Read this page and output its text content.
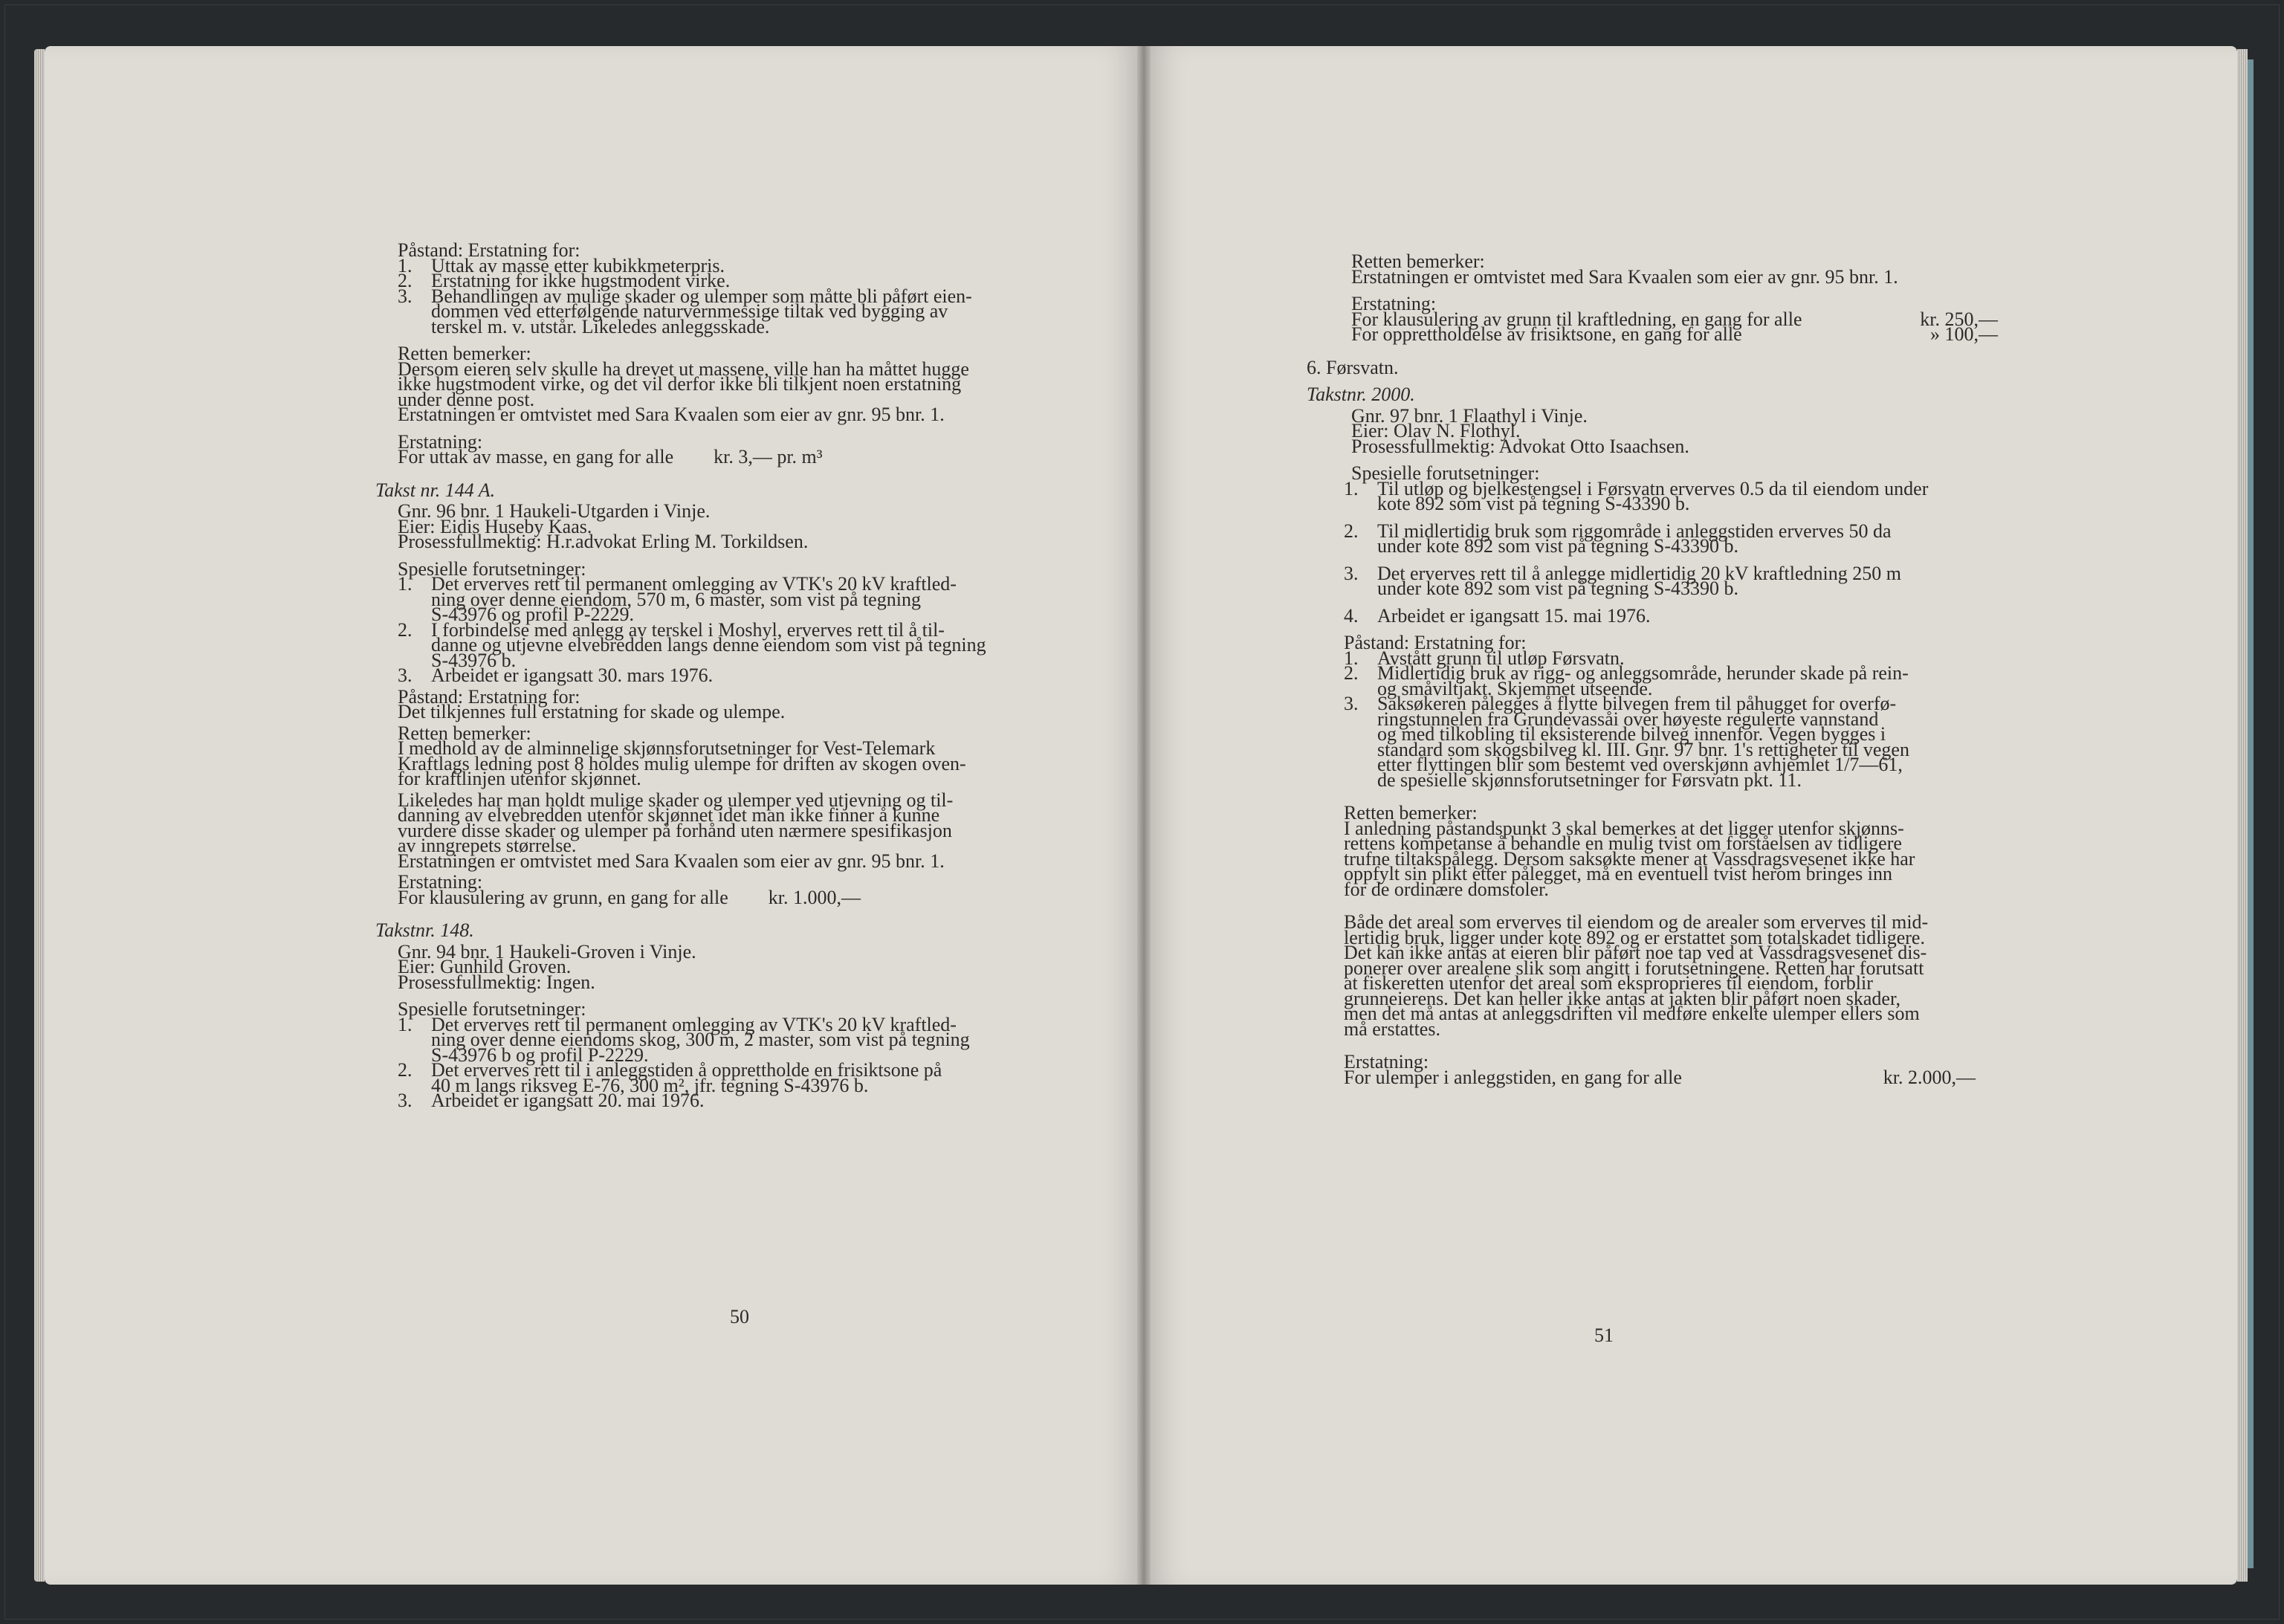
Påstand: Erstatning for:

1. Uttak av masse etter kubikkmeterpris.

2. Erstatning for ikke hugstmodent virke.

3. Behandlingen av mulige skader og ulemper som måtte bli påført eien-

dommen ved etterfølgende naturvernmessige tiltak ved bygging av

terskel m. v. utstår. Likeledes anleggsskade.

Retten bemerker:

Dersom eieren selv skulle ha drevet ut massene, ville han ha måttet hugge

ikke hugstmodent virke, og det vil derfor ikke bli tilkjent noen erstatning

under denne post.

Erstatningen er omtvistet med Sara Kvaalen som eier av gnr. 95 bnr. 1.

Erstatning:

For uttak av masse, en gang for alle kr. 3,— pr. m³

Takst nr. 144 A.

Gnr. 96 bnr. 1 Haukeli-Utgarden i Vinje.

Eier: Eidis Huseby Kaas.

Prosessfullmektig: H.r.advokat Erling M. Torkildsen.

Spesielle forutsetninger:

1. Det erverves rett til permanent omlegging av VTK's 20 kV kraftled-

ning over denne eiendom, 570 m, 6 master, som vist på tegning

S-43976 og profil P-2229.

2. I forbindelse med anlegg av terskel i Moshyl, erverves rett til å til-

danne og utjevne elvebredden langs denne eiendom som vist på tegning

S-43976 b.

3. Arbeidet er igangsatt 30. mars 1976.

Påstand: Erstatning for:

Det tilkjennes full erstatning for skade og ulempe.

Retten bemerker:

I medhold av de alminnelige skjønnsforutsetninger for Vest-Telemark

Kraftlags ledning post 8 holdes mulig ulempe for driften av skogen oven-

for kraftlinjen utenfor skjønnet.

Likeledes har man holdt mulige skader og ulemper ved utjevning og til-

danning av elvebredden utenfor skjønnet idet man ikke finner å kunne

vurdere disse skader og ulemper på forhånd uten nærmere spesifikasjon

av inngrepets størrelse.

Erstatningen er omtvistet med Sara Kvaalen som eier av gnr. 95 bnr. 1.

Erstatning:

For klausulering av grunn, en gang for alle kr. 1.000,—

Takstnr. 148.

Gnr. 94 bnr. 1 Haukeli-Groven i Vinje.

Eier: Gunhild Groven.

Prosessfullmektig: Ingen.

Spesielle forutsetninger:

1. Det erverves rett til permanent omlegging av VTK's 20 kV kraftled-

ning over denne eiendoms skog, 300 m, 2 master, som vist på tegning

S-43976 b og profil P-2229.

2. Det erverves rett til i anleggstiden å opprettholde en frisiktsone på

40 m langs riksveg E-76, 300 m², jfr. tegning S-43976 b.

3. Arbeidet er igangsatt 20. mai 1976.

50

Retten bemerker:

Erstatningen er omtvistet med Sara Kvaalen som eier av gnr. 95 bnr. 1.

Erstatning:

For klausulering av grunn til kraftledning, en gang for alle	kr. 250,—
For opprettholdelse av frisiktsone, en gang for alle	» 100,—

6. Førsvatn.

Takstnr. 2000.

Gnr. 97 bnr. 1 Flaathyl i Vinje.

Eier: Olav N. Flothyl.

Prosessfullmektig: Advokat Otto Isaachsen.

Spesielle forutsetninger:

1. Til utløp og bjelkestengsel i Førsvatn erverves 0.5 da til eiendom under

kote 892 som vist på tegning S-43390 b.

2. Til midlertidig bruk som riggområde i anleggstiden erverves 50 da

under kote 892 som vist på tegning S-43390 b.

3. Det erverves rett til å anlegge midlertidig 20 kV kraftledning 250 m

under kote 892 som vist på tegning S-43390 b.

4. Arbeidet er igangsatt 15. mai 1976.

Påstand: Erstatning for:

1. Avstått grunn til utløp Førsvatn.

2. Midlertidig bruk av rigg- og anleggsområde, herunder skade på rein-

og småviltjakt. Skjemmet utseende.

3. Saksøkeren pålegges å flytte bilvegen frem til påhugget for overfø-

ringstunnelen fra Grundevassåi over høyeste regulerte vannstand

og med tilkobling til eksisterende bilveg innenfor. Vegen bygges i

standard som skogsbilveg kl. III. Gnr. 97 bnr. 1's rettigheter til vegen

etter flyttingen blir som bestemt ved overskjønn avhjemlet 1/7—61,

de spesielle skjønnsforutsetninger for Førsvatn pkt. 11.

Retten bemerker:

I anledning påstandspunkt 3 skal bemerkes at det ligger utenfor skjønns-

rettens kompetanse å behandle en mulig tvist om forståelsen av tidligere

trufne tiltakspålegg. Dersom saksøkte mener at Vassdragsvesenet ikke har

oppfylt sin plikt etter pålegget, må en eventuell tvist herom bringes inn

for de ordinære domstoler.

Både det areal som erverves til eiendom og de arealer som erverves til mid-

lertidig bruk, ligger under kote 892 og er erstattet som totalskadet tidligere.

Det kan ikke antas at eieren blir påført noe tap ved at Vassdragsvesenet dis-

ponerer over arealene slik som angitt i forutsetningene. Retten har forutsatt

at fiskeretten utenfor det areal som eksproprieres til eiendom, forblir

grunneierens. Det kan heller ikke antas at jakten blir påført noen skader,

men det må antas at anleggsdriften vil medføre enkelte ulemper ellers som

må erstattes.

Erstatning:

For ulemper i anleggstiden, en gang for alle	kr. 2.000,—
51
